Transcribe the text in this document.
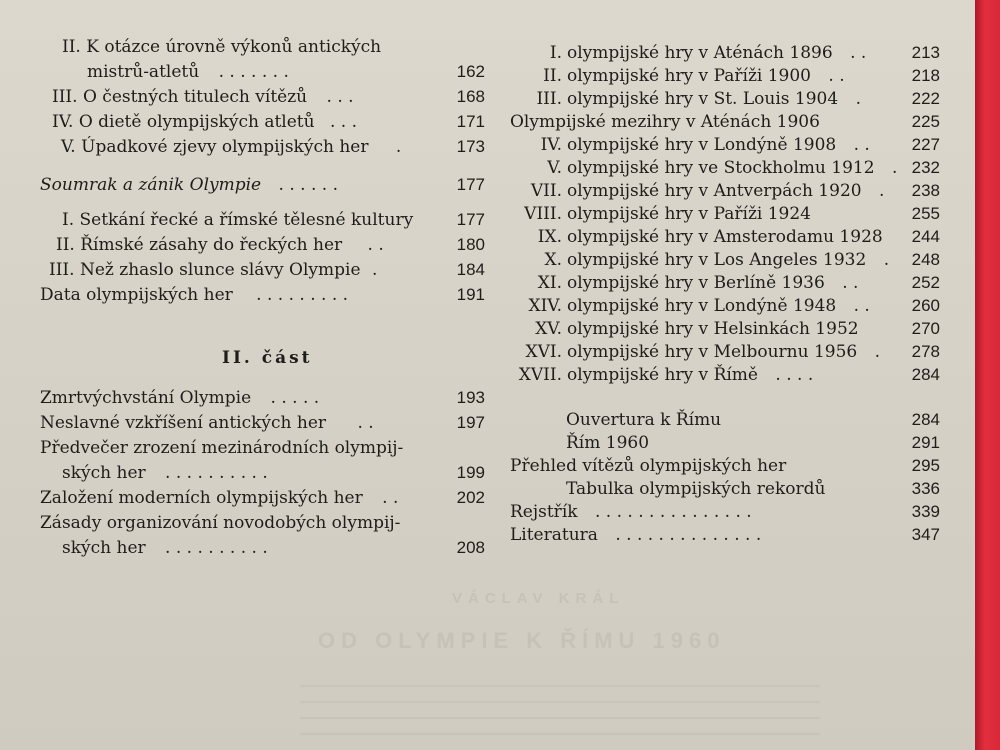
II. K otázce úrovně výkonů antických
mistrů-atletů . . . . . . .	162
III. O čestných titulech vítězů . . .	168
IV. O dietě olympijských atletů . . .	171
V. Úpadkové zjevy olympijských her .	173
Soumrak a zánik Olympie . . . . . .	177
I. Setkání řecké a římské tělesné kultury	177
II. Římské zásahy do řeckých her . .	180
III. Než zhaslo slunce slávy Olympie .	184
Data olympijských her . . . . . . . . .	191
II. část
Zmrtvýchvstání Olympie . . . . .	193
Neslavné vzkříšení antických her . .	197
Předvečer zrození mezinárodních olympij-
ských her . . . . . . . . . .	199
Založení moderních olympijských her . .	202
Zásady organizování novodobých olympij-
ských her . . . . . . . . . .	208
I. olympijské hry v Aténách 1896 . .	213
II. olympijské hry v Paříži 1900 . .	218
III. olympijské hry v St. Louis 1904 .	222
Olympijské mezihry v Aténách 1906	225
IV. olympijské hry v Londýně 1908 . .	227
V. olympijské hry ve Stockholmu 1912 . 232
VII. olympijské hry v Antverpách 1920 .	238
VIII. olympijské hry v Paříži 1924	255
IX. olympijské hry v Amsterodamu 1928	244
X. olympijské hry v Los Angeles 1932 .	248
XI. olympijské hry v Berlíně 1936 . .	252
XIV. olympijské hry v Londýně 1948 . .	260
XV. olympijské hry v Helsinkách 1952	270
XVI. olympijské hry v Melbournu 1956 .	278
XVII. olympijské hry v Římě . . . .	284
Ouvertura k Římu	284
Řím 1960	291
Přehled vítězů olympijských her	295
Tabulka olympijských rekordů	336
Rejstřík . . . . . . . . . . . . . . .	339
Literatura . . . . . . . . . . . . . .	347
VÁCLAV KRÁL
OD OLYMPIE K ŘÍMU 1960
